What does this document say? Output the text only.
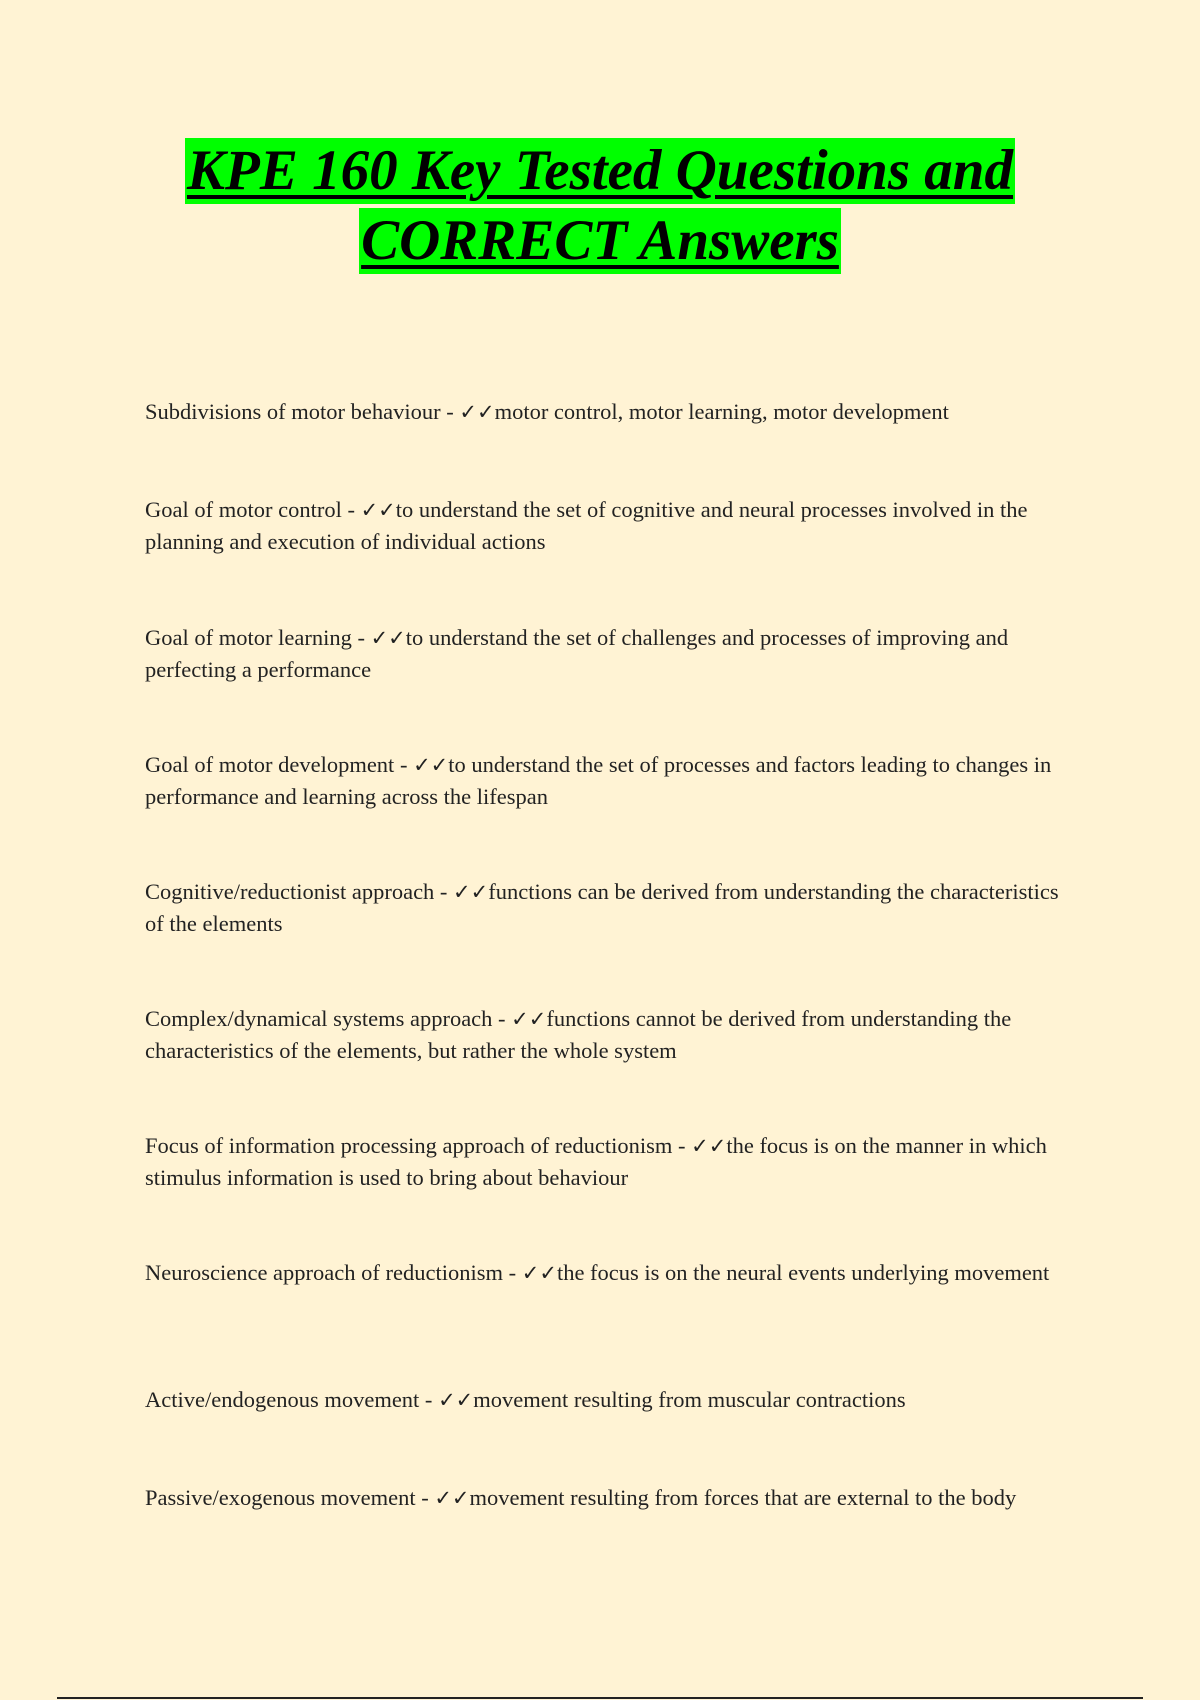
KPE 160 Key Tested Questions and
CORRECT Answers
Subdivisions of motor behaviour - ✓✓motor control, motor learning, motor development
Goal of motor control - ✓✓to understand the set of cognitive and neural processes involved in the planning and execution of individual actions
Goal of motor learning - ✓✓to understand the set of challenges and processes of improving and perfecting a performance
Goal of motor development - ✓✓to understand the set of processes and factors leading to changes in performance and learning across the lifespan
Cognitive/reductionist approach - ✓✓functions can be derived from understanding the characteristics of the elements
Complex/dynamical systems approach - ✓✓functions cannot be derived from understanding the characteristics of the elements, but rather the whole system
Focus of information processing approach of reductionism - ✓✓the focus is on the manner in which stimulus information is used to bring about behaviour
Neuroscience approach of reductionism - ✓✓the focus is on the neural events underlying movement
Active/endogenous movement - ✓✓movement resulting from muscular contractions
Passive/exogenous movement - ✓✓movement resulting from forces that are external to the body
